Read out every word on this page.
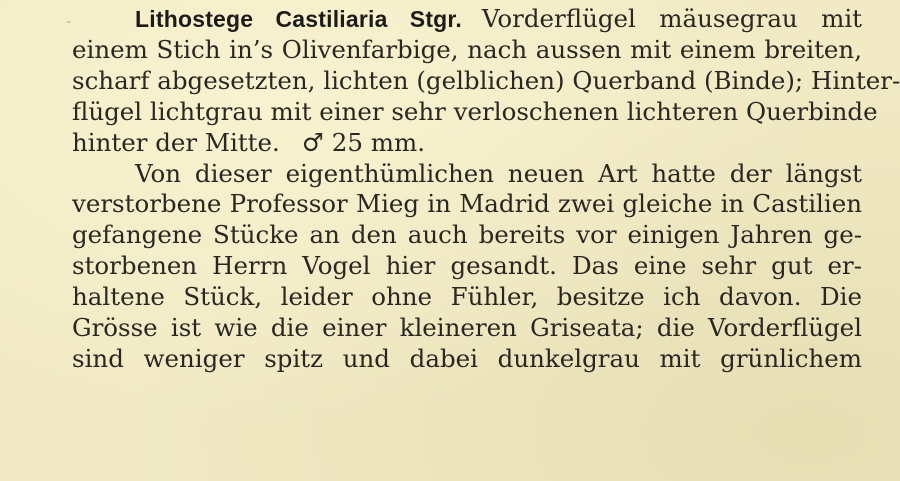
-	Lithostege Castiliaria Stgr. Vorderflügel mäusegrau mit
einem Stich in’s Olivenfarbige, nach aussen mit einem breiten,
scharf abgesetzten, lichten (gelblichen) Querband (Binde); Hinter-
flügel lichtgrau mit einer sehr verloschenen lichteren Querbinde
hinter der Mitte. ♂ 25 mm.
Von dieser eigenthümlichen neuen Art hatte der längst
verstorbene Professor Mieg in Madrid zwei gleiche in Castilien
gefangene Stücke an den auch bereits vor einigen Jahren ge-
storbenen Herrn Vogel hier gesandt. Das eine sehr gut er-
haltene Stück, leider ohne Fühler, besitze ich davon. Die
Grösse ist wie die einer kleineren Griseata; die Vorderflügel
sind weniger spitz und dabei dunkelgrau mit grünlichem
